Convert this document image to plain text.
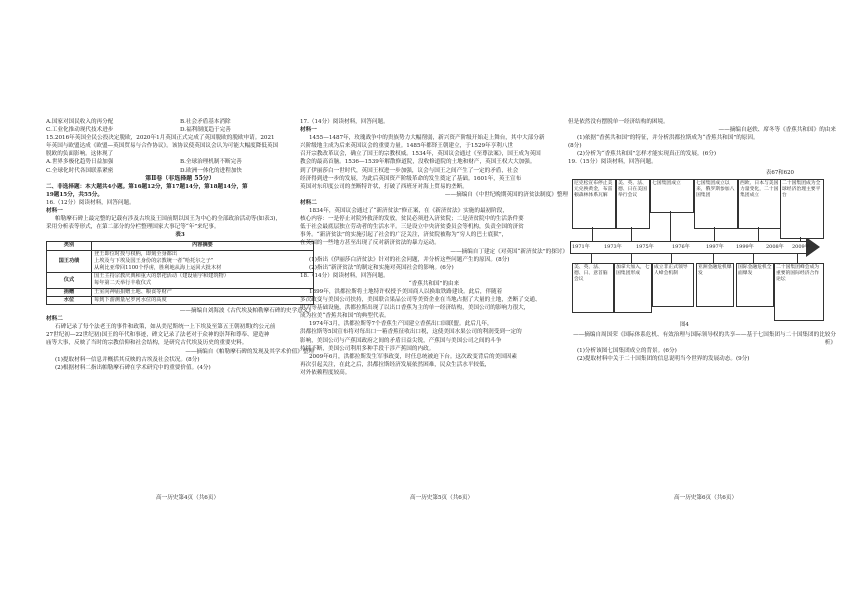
A.国家对国民收入的再分配	B.社会矛盾基本消除
C.工业化推动现代技术进步	D.福利制度趋于完善
15.2016年英国全民公投决定脱欧，2020年1月英国正式完成了英国脱欧的脱欧申请。2021
年英国与欧盟达成《欧盟—英国贸易与合作协议》。该协议使英国议会认为可能大幅度降低英国
脱欧的负面影响。这体现了
A.世界多极化趋势日益加强	B.全球治理机制不断完善
C.全球化时代各国联系紧密	D.欧洲一体化的进程加快
第Ⅱ卷（非选择题 55分）
二、非选择题：本大题共4小题。第16题12分，第17题14分，第18题14分，第
19题15分，共55分。
16.（12分）阅读材料，回答问题。
材料一
帕勒摩石碑上最完整的记载有涉及古埃及王国前期以国王为中心的全部政治活动等(如表3)，
采用分析表等形式，在第二部分的分栏整理国家大事记等“年”来纪事。
表3
类别	内容摘要
国王功绩	登王即位时授与权柄，即刻全身都出
上埃及与下埃及国王身份的宗教统一者“哈托尔之子”
从利比亚带回1100个俘虏，胜利地从海上运回大批木材

仪式	国王主持宗教庆典和重大的祭祀活动（建设庙宇和建筑物）
每年第二天举行丰收仪式

捐赠	王室向神庙捐赠土地、粮食等财产

水位	每到下游测量尼罗河水位的高度
——摘编自刘海波《古代埃及帕勒摩石碑的史学意义》
材料二
石碑记录了每个法老王的事件和政策，如从美尼斯统一上下埃及至第五王朝初期(约公元前
27世纪初—22世纪初)国王的年代和事迹，碑文记录了法老对于众神的崇拜和尊奉、建造神
庙等大事，反映了当时的宗教信仰和社会结构，是研究古代埃及历史的重要史料。
——摘编自《帕勒摩石碑的发现及其学术价值》整理
(1)提取材料一信息并概括其反映的古埃及社会状况。(8分)
(2)根据材料二指出帕勒摩石碑在学术研究中的重要价值。(4分)
17.（14分）阅读材料，回答问题。
材料一
1455—1487年，玫瑰战争中的贵族势力大幅削弱，新兴资产阶级开始走上舞台，其中大部分新
兴阶级地主成为后来英国议会的重要力量。1485年都铎王朝建立，于1529年亨利八世
召开宗教改革议会，确立了国王的宗教权威。1534年，英国议会通过《至尊法案》，国王成为英国
教会的最高首脑。1536—1539年解散修道院，没收修道院的土地和财产，英国王权大大加强。
到了伊丽莎白一世时代，英国王权进一步加强，议会与国王之间产生了一定的矛盾，社会
经济得到进一步的发展，为此后英国资产阶级革命的发生奠定了基础。1601年，英王宣布
英国对东印度公司的垄断特许状，打破了西班牙对海上贸易的垄断。
——摘编自《中世纪晚期英国的济贫法制度》整理
材料二
1834年，英国议会通过了“新济贫法”修正案，在《新济贫法》实施的最初阶段，
核心内容：一是停止对院外救济的发放，贫民必须进入济贫院；二是济贫院中的生活条件要
低于社会最底层独立劳动者的生活水平。三是设立中央济贫委员会等机构，负责全国的济贫
事务。“新济贫法”的实施引起了社会的广泛关注，济贫院被称为“穷人的巴士底狱”，
在英国的一些地方甚至出现了反对新济贫法的暴力运动。
——摘编自丁建定《对英国“新济贫法”的探讨》
(1)指出《伊丽莎白济贫法》针对的社会问题，并分析这些问题产生的原因。(8分)
(2)指出“新济贫法”的制定和实施对英国社会的影响。(6分)
18.（14分）阅读材料，回答问题。
“香蕉共和国”的由来
1899年，洪都拉斯将土地特许权授予美国商人以换取铁路建设。此后，伴随着
多次政变与美国公司扶持，美国联合果品公司等美资企业在当地占据了大量的土地，垄断了交通、
电力等基础设施，洪都拉斯出现了以出口香蕉为主的单一经济结构，美国公司的影响力很大，
成为拉美“香蕉共和国”的典型代表。
1974年3月，洪都拉斯等7个香蕉生产国建立香蕉出口国联盟。此后几年，
洪都拉斯等5国宣布将对每出口一箱香蕉征收出口税，这使美国水果公司的利润受到一定的
影响，美国公司与产蕉国政府之间的矛盾日益尖锐，产蕉国与美国公司之间的斗争
持续不断，美国公司利用多种手段干涉产蕉国的内政。
2009年6月，洪都拉斯发生军事政变，时任总统被迫下台。这次政变背后的美国因素
再次引起关注，在此之后，洪都拉斯经济发展依然困难，民众生活水平较低，
对外依赖程度较高。
但是依然没有摆脱单一经济结构的困境。
——摘编自赵轶、席冬等《香蕉共和国》的由来
(1)依据“香蕉共和国”的特征，并分析洪都拉斯成为“香蕉共和国”的原因。
(8分)
(2)分析为“香蕉共和国”怎样才能实现真正的发展。(6分)
19.（15分）阅读材料，回答问题。
1971年	1973年	1975年	1976年	1997年 1999年 2008年 2009年
尼克松宣布停止美元兑换黄金，布雷顿森林体系瓦解
美、英、法、德、日在美国举行会议
七国集团成立	七国集团成立以来，俄罗斯参加八国集团
西欧、日本与美国力量变化，二十国集团成立
二十国集团成为全球经济治理主要平台
美、英、法、德、日、意首脑会议
加拿大加入，七国集团形成
成立非正式领导人峰会机制
亚洲金融危机爆发
国际金融危机全面爆发
二十国集团峰会成为重要的国际经济合作论坛
表67和620
图4
——摘编自周国荣《国际体系危机、有效治理与国际领导权的共享——基于七国集团与二十国集团的比较分析》
(1)分析该图七国集团成立的背景。(6分)
(2)提取材料中关于二十国集团的信息说明当今世界的发展动态。(9分)
高一历史第4页（共6页）	高一历史第5页（共6页）	高一历史第6页（共6页）
